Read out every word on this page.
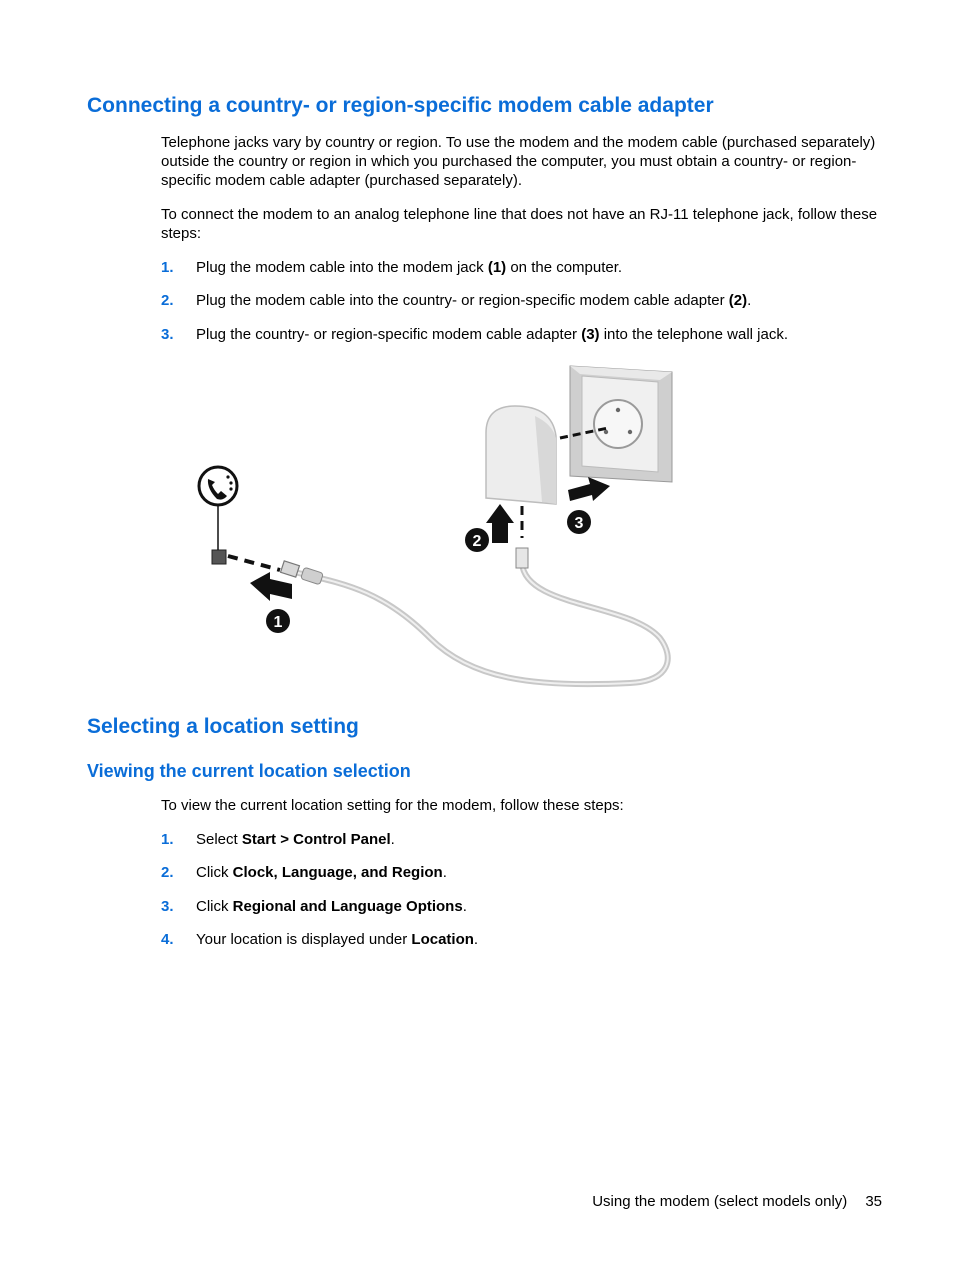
Connecting a country- or region-specific modem cable adapter

Telephone jacks vary by country or region. To use the modem and the modem cable (purchased separately) outside the country or region in which you purchased the computer, you must obtain a country- or region-specific modem cable adapter (purchased separately).

To connect the modem to an analog telephone line that does not have an RJ-11 telephone jack, follow these steps:

1. Plug the modem cable into the modem jack (1) on the computer.
2. Plug the modem cable into the country- or region-specific modem cable adapter (2).
3. Plug the country- or region-specific modem cable adapter (3) into the telephone wall jack.
1
2
3
Selecting a location setting
Viewing the current location selection

To view the current location setting for the modem, follow these steps:

1. Select Start > Control Panel.
2. Click Clock, Language, and Region.
3. Click Regional and Language Options.
4. Your location is displayed under Location.
Using the modem (select models only) 35
